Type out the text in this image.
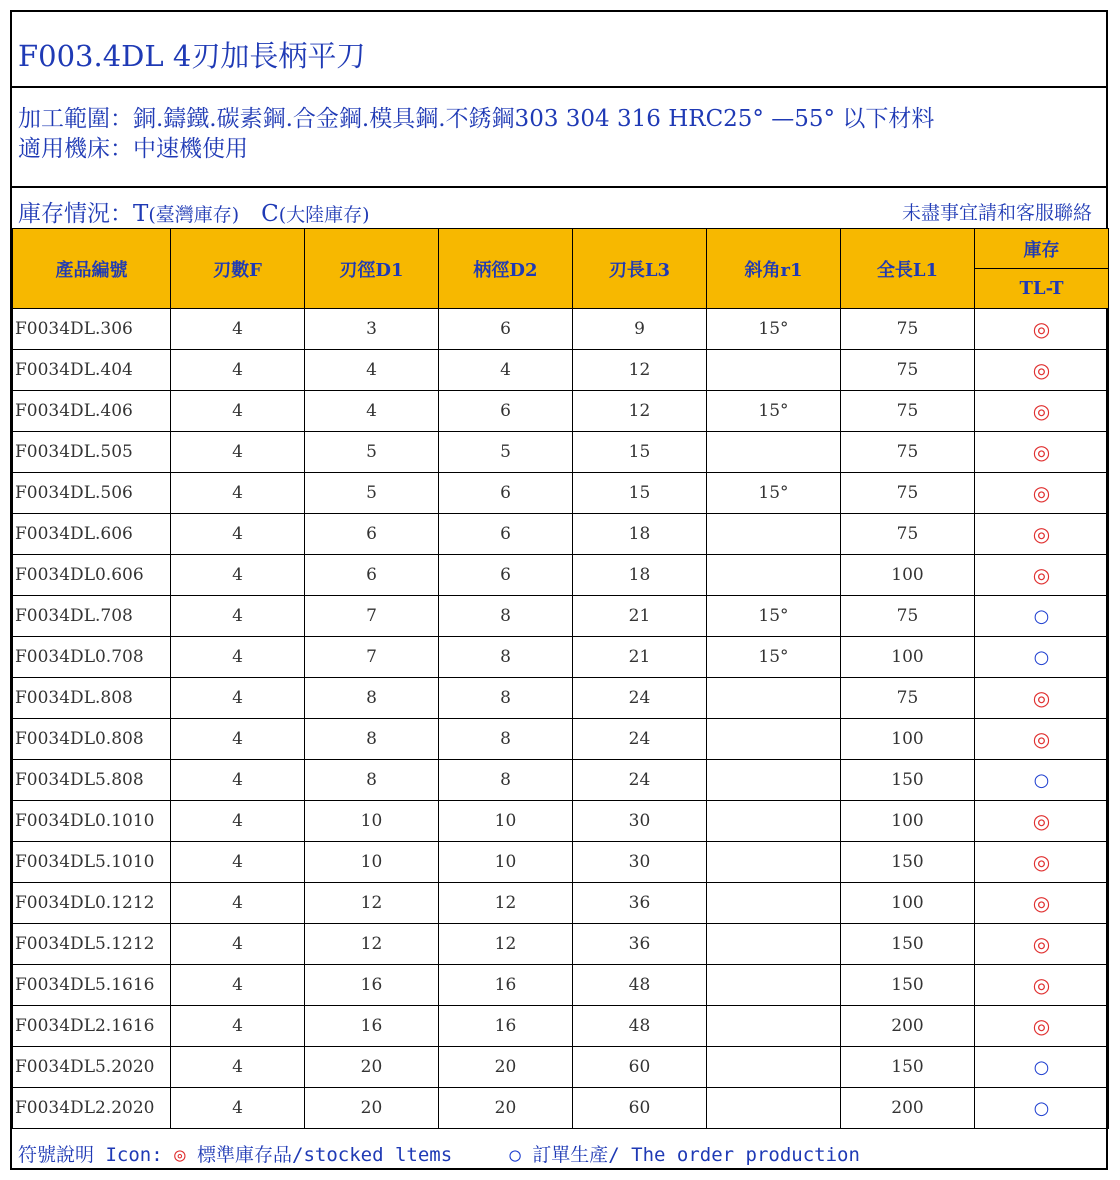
F003.4DL 4刃加長柄平刀
加工範圍：銅.鑄鐵.碳素鋼.合金鋼.模具鋼.不銹鋼303 304 316 HRC25° —55° 以下材料
適用機床：中速機使用
庫存情況：T(臺灣庫存) C(大陸庫存)	未盡事宜請和客服聯絡
產品編號	刃數F	刃徑D1	柄徑D2	刃長L3	斜角r1	全長L1	庫存
							TL-T
F0034DL.306	4	3	6	9	15°	75	◎
F0034DL.404	4	4	4	12		75	◎
F0034DL.406	4	4	6	12	15°	75	◎
F0034DL.505	4	5	5	15		75	◎
F0034DL.506	4	5	6	15	15°	75	◎
F0034DL.606	4	6	6	18		75	◎
F0034DL0.606	4	6	6	18		100	◎
F0034DL.708	4	7	8	21	15°	75	○
F0034DL0.708	4	7	8	21	15°	100	○
F0034DL.808	4	8	8	24		75	◎
F0034DL0.808	4	8	8	24		100	◎
F0034DL5.808	4	8	8	24		150	○
F0034DL0.1010	4	10	10	30		100	◎
F0034DL5.1010	4	10	10	30		150	◎
F0034DL0.1212	4	12	12	36		100	◎
F0034DL5.1212	4	12	12	36		150	◎
F0034DL5.1616	4	16	16	48		150	◎
F0034DL2.1616	4	16	16	48		200	◎
F0034DL5.2020	4	20	20	60		150	○
F0034DL2.2020	4	20	20	60		200	○
符號說明 Icon: ◎ 標準庫存品/stocked ltems	○ 訂單生產/ The order production
